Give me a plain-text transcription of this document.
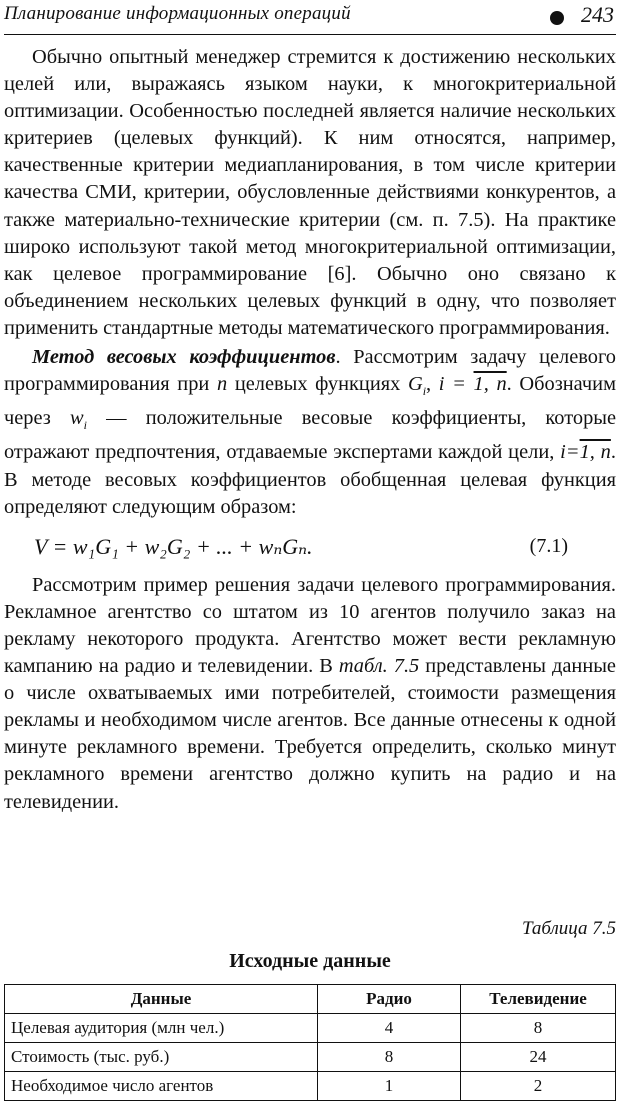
Планирование информационных операций	243

Обычно опытный менеджер стремится к достижению нескольких целей или, выражаясь языком науки, к многокритериальной оптимизации. Особенностью последней является наличие нескольких критериев (целевых функций). К ним относятся, например, качественные критерии медиапланирования, в том числе критерии качества СМИ, критерии, обусловленные действиями конкурентов, а также материально-технические критерии (см. п. 7.5). На практике широко используют такой метод многокритериальной оптимизации, как целевое программирование [6]. Обычно оно связано к объединением нескольких целевых функций в одну, что позволяет применить стандартные методы математического программирования.

Метод весовых коэффициентов. Рассмотрим задачу целевого программирования при n целевых функциях $G_i$, i = 1, n. Обозначим через $w_i$ — положительные весовые коэффициенты, которые отражают предпочтения, отдаваемые экспертами каждой цели, i=1, n. В методе весовых коэффициентов обобщенная целевая функция определяют следующим образом:

V = w₁G₁ + w₂G₂ + ... + wₙGₙ.	(7.1)

Рассмотрим пример решения задачи целевого программирования. Рекламное агентство со штатом из 10 агентов получило заказ на рекламу некоторого продукта. Агентство может вести рекламную кампанию на радио и телевидении. В табл. 7.5 представлены данные о числе охватываемых ими потребителей, стоимости размещения рекламы и необходимом числе агентов. Все данные отнесены к одной минуте рекламного времени. Требуется определить, сколько минут рекламного времени агентство должно купить на радио и на телевидении.

Таблица 7.5
Исходные данные
Данные	Радио	Телевидение
Целевая аудитория (млн чел.)	4	8
Стоимость (тыс. руб.)	8	24
Необходимое число агентов	1	2
